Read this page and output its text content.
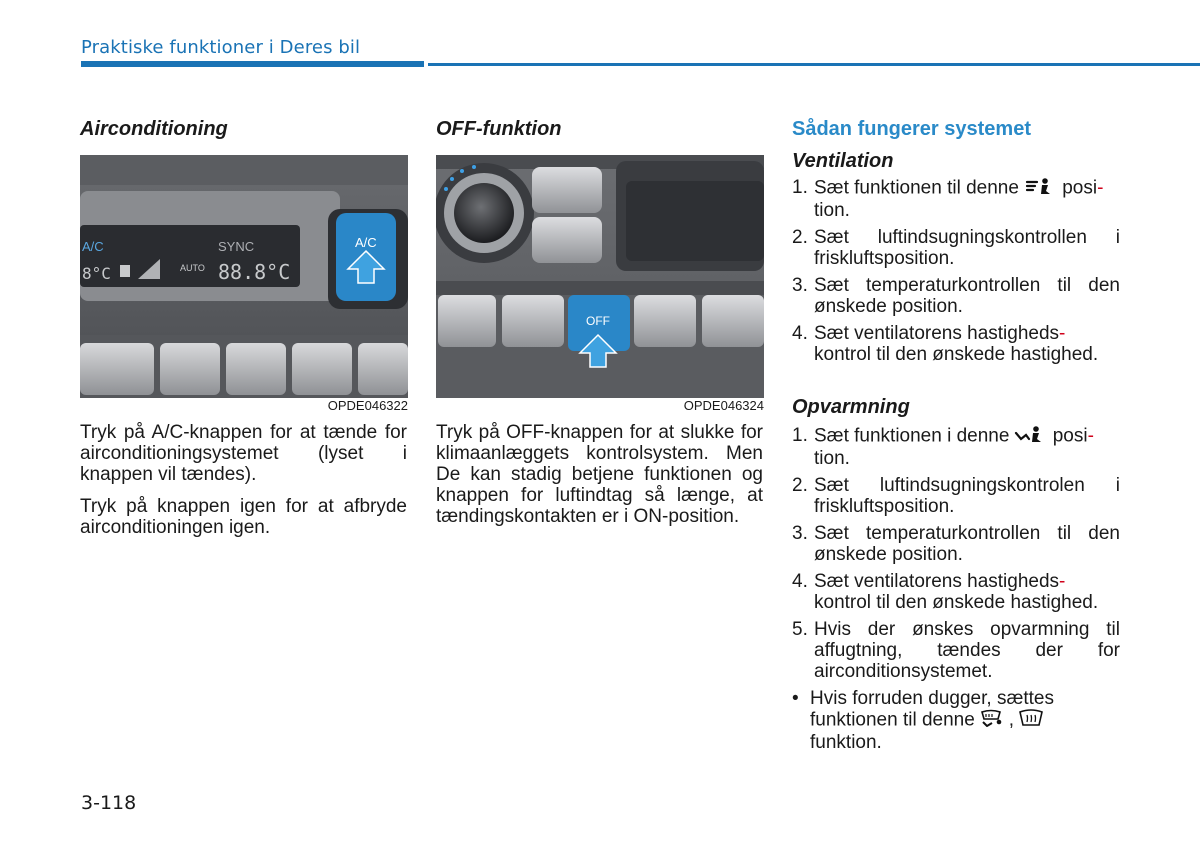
Praktiske funktioner i Deres bil
Airconditioning
A/C	SYNC
8°C	AUTO 88.8°C
A/C
OPDE046322

Tryk på A/C-knappen for at tænde for airconditioningsystemet (lyset i knappen vil tændes).

Tryk på knappen igen for at afbryde airconditioningen igen.

OFF-funktion
OFF
OPDE046324

Tryk på OFF-knappen for at slukke for klimaanlæggets kontrolsystem. Men De kan stadig betjene funktionen og knappen for luftindtag så længe, at tændingskontakten er i ON-position.

Sådan fungerer systemet
Ventilation
1. Sæt funktionen til denne posi-
tion.
2. Sæt luftindsugningskontrollen i friskluftsposition.
3. Sæt temperaturkontrollen til den ønskede position.
4. Sæt ventilatorens hastigheds-
kontrol til den ønskede hastighed.
Opvarmning
1. Sæt funktionen i denne posi-
tion.
2. Sæt luftindsugningskontrolen i friskluftsposition.
3. Sæt temperaturkontrollen til den ønskede position.
4. Sæt ventilatorens hastigheds-
kontrol til den ønskede hastighed.
5. Hvis der ønskes opvarmning til affugtning, tændes der for airconditionsystemet.
• Hvis forruden dugger, sættes funktionen til denne ,
funktion.
3-118
